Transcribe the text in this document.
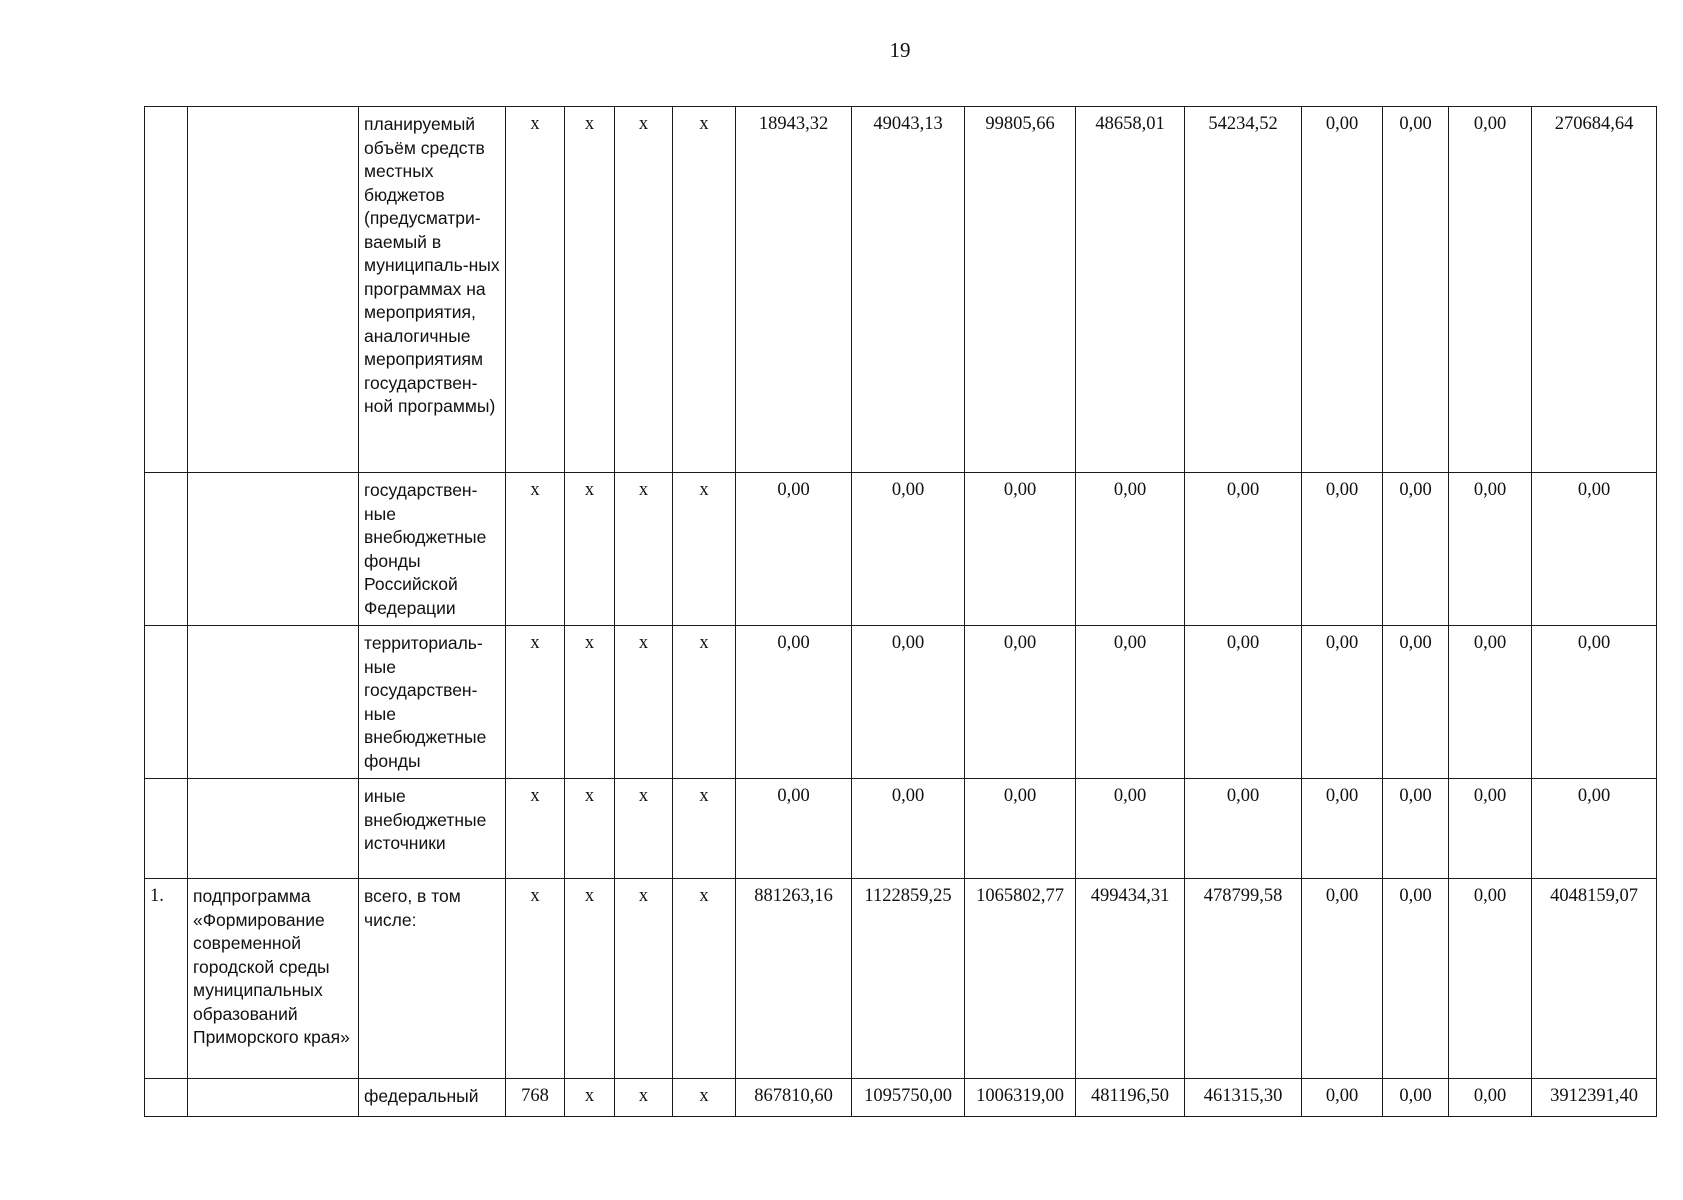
19
		планируемый объём средств местных бюджетов (предусматри-ваемый в муниципаль-ных программах на мероприятия, аналогичные мероприятиям государствен-ной программы)	х	х	х	х	18943,32	49043,13	99805,66	48658,01	54234,52	0,00	0,00	0,00	270684,64
		государствен-ные внебюджетные фонды Российской Федерации	х	х	х	х	0,00	0,00	0,00	0,00	0,00	0,00	0,00	0,00	0,00
		территориаль-ные государствен-ные внебюджетные фонды	х	х	х	х	0,00	0,00	0,00	0,00	0,00	0,00	0,00	0,00	0,00
		иные внебюджетные источники	х	х	х	х	0,00	0,00	0,00	0,00	0,00	0,00	0,00	0,00	0,00
1.	подпрограмма «Формирование современной городской среды муниципальных образований Приморского края»	всего, в том числе:	х	х	х	х	881263,16	1122859,25	1065802,77	499434,31	478799,58	0,00	0,00	0,00	4048159,07
		федеральный	768	х	х	х	867810,60	1095750,00	1006319,00	481196,50	461315,30	0,00	0,00	0,00	3912391,40
